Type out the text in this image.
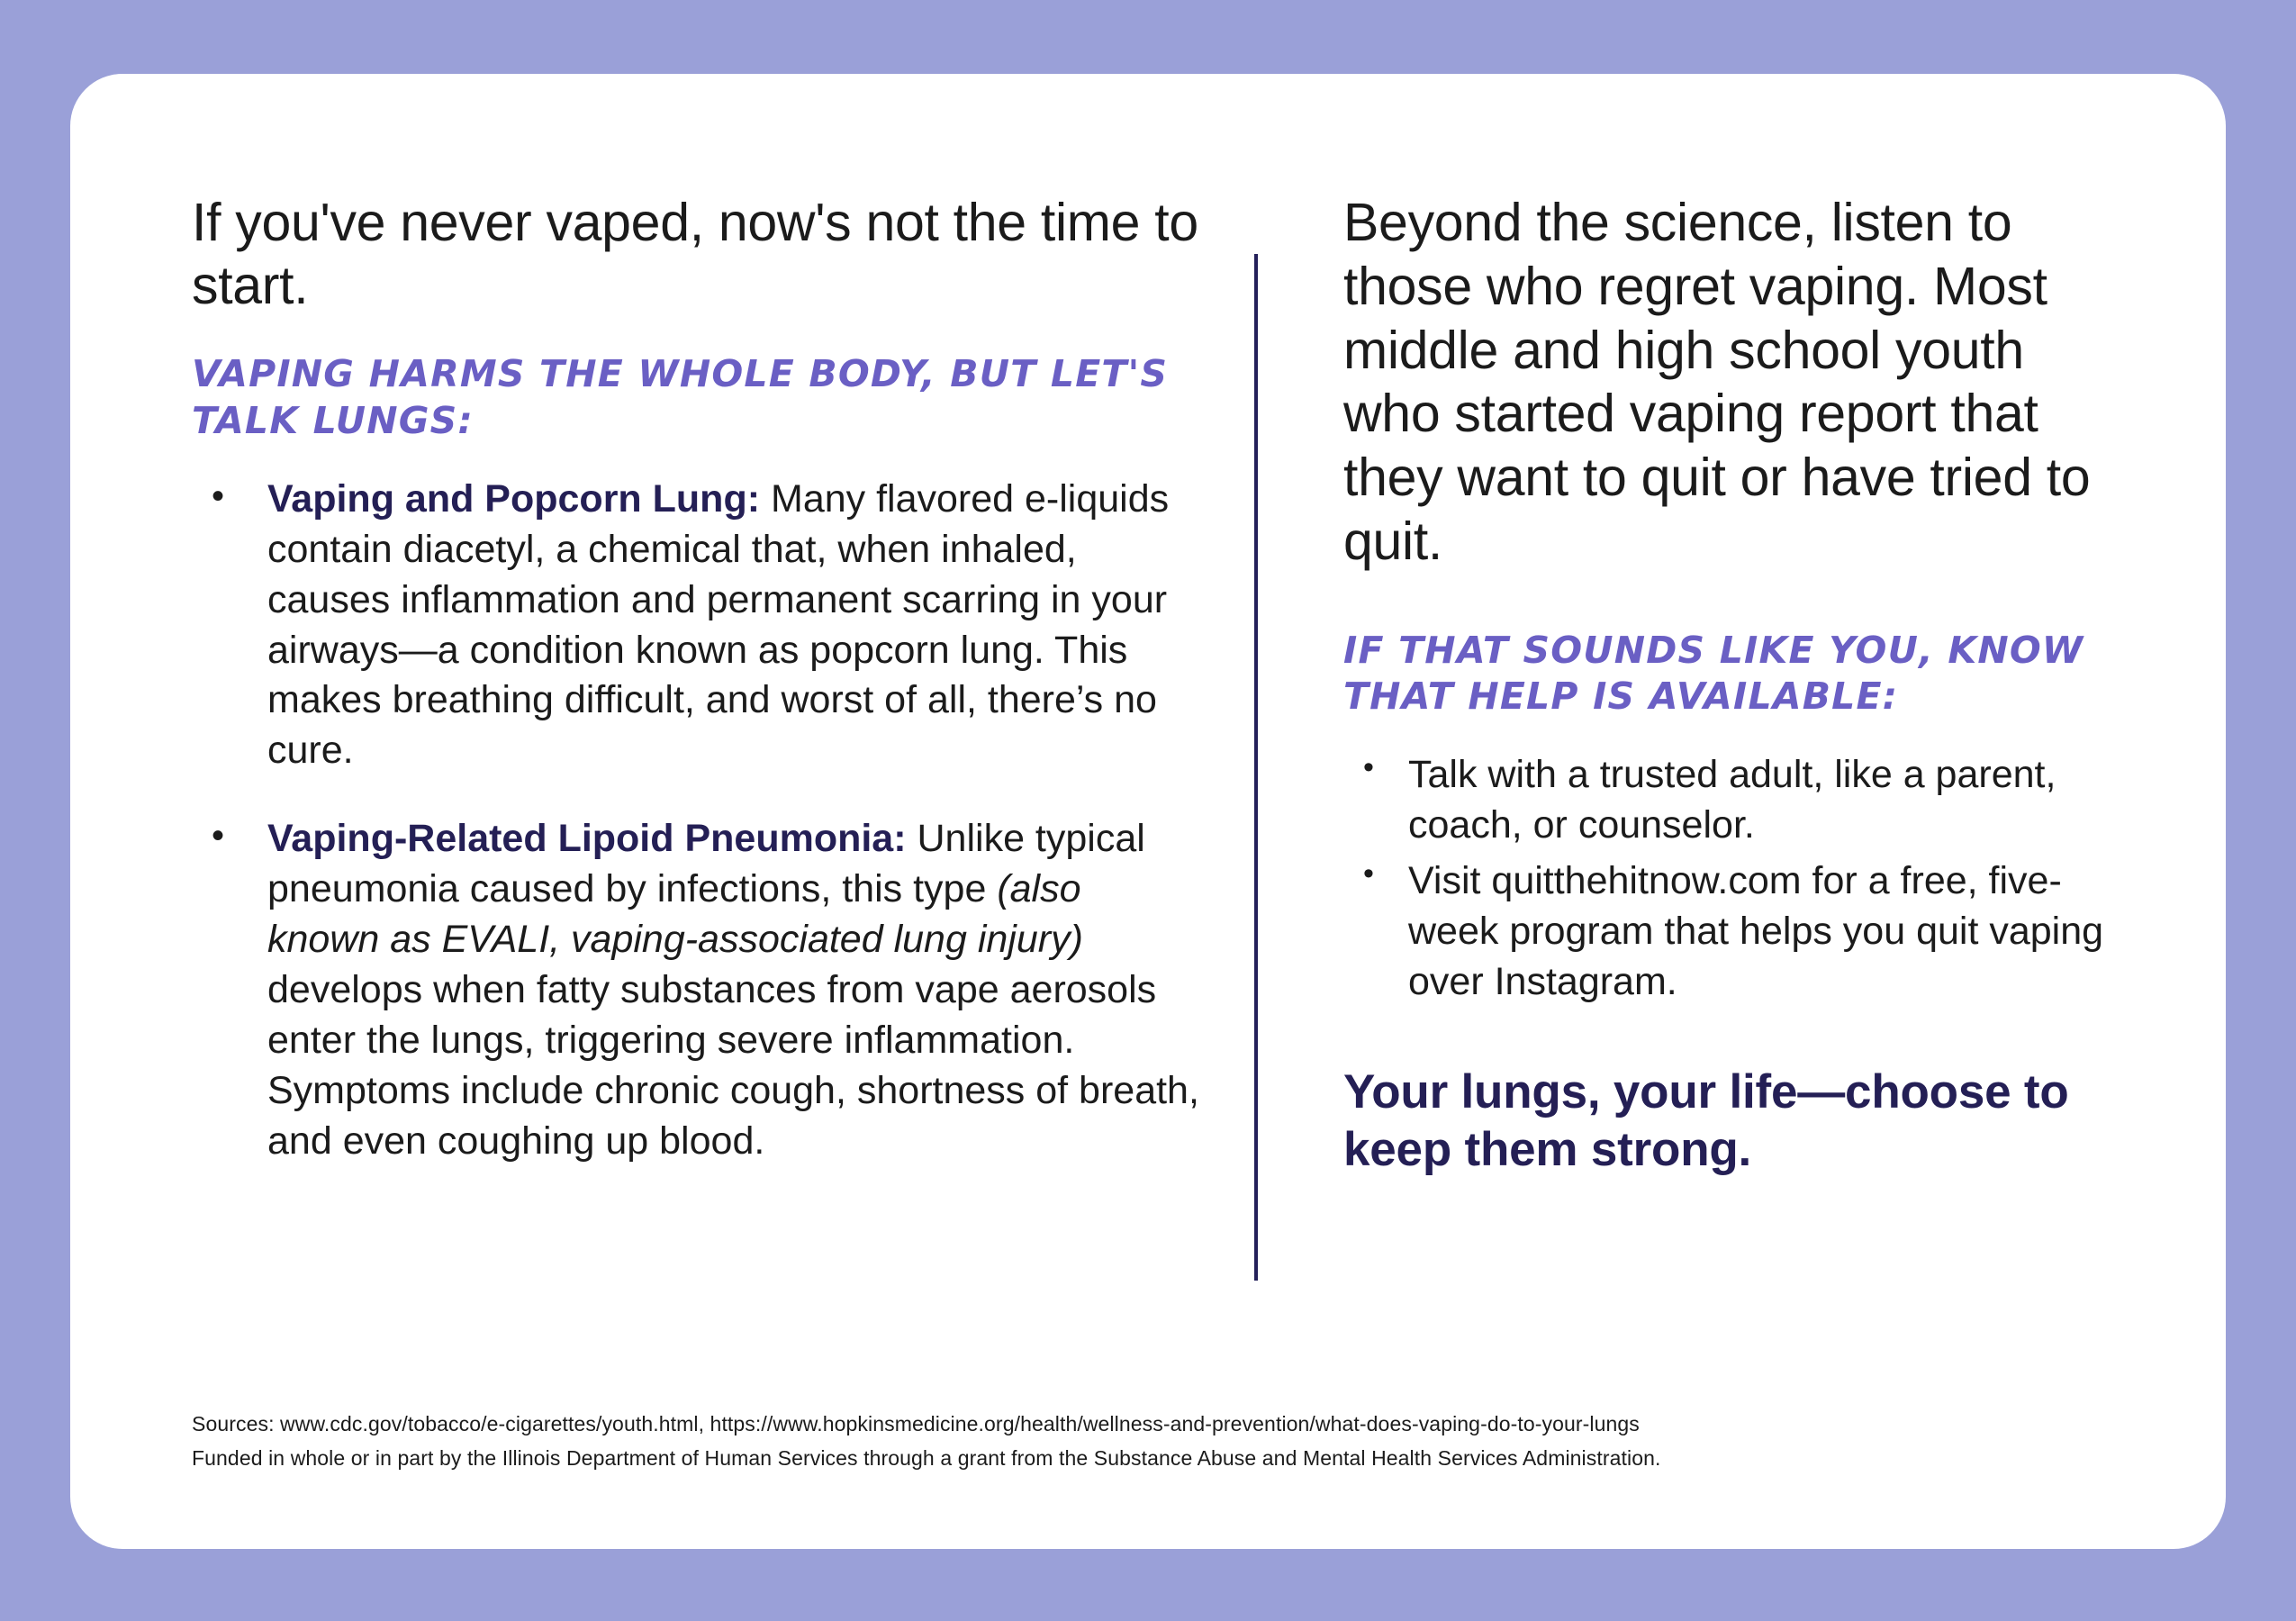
If you've never vaped, now's not the time to start.

VAPING HARMS THE WHOLE BODY, BUT LET'S TALK LUNGS:

• Vaping and Popcorn Lung: Many flavored e-liquids contain diacetyl, a chemical that, when inhaled, causes inflammation and permanent scarring in your airways—a condition known as popcorn lung. This makes breathing difficult, and worst of all, there’s no cure.
• Vaping-Related Lipoid Pneumonia: Unlike typical pneumonia caused by infections, this type (also known as EVALI, vaping-associated lung injury) develops when fatty substances from vape aerosols enter the lungs, triggering severe inflammation. Symptoms include chronic cough, shortness of breath, and even coughing up blood.

Beyond the science, listen to those who regret vaping. Most middle and high school youth who started vaping report that they want to quit or have tried to quit.

IF THAT SOUNDS LIKE YOU, KNOW THAT HELP IS AVAILABLE:

• Talk with a trusted adult, like a parent, coach, or counselor.
• Visit quitthehitnow.com for a free, five-week program that helps you quit vaping over Instagram.

Your lungs, your life—choose to keep them strong.

Sources: www.cdc.gov/tobacco/e-cigarettes/youth.html, https://www.hopkinsmedicine.org/health/wellness-and-prevention/what-does-vaping-do-to-your-lungs

Funded in whole or in part by the Illinois Department of Human Services through a grant from the Substance Abuse and Mental Health Services Administration.
